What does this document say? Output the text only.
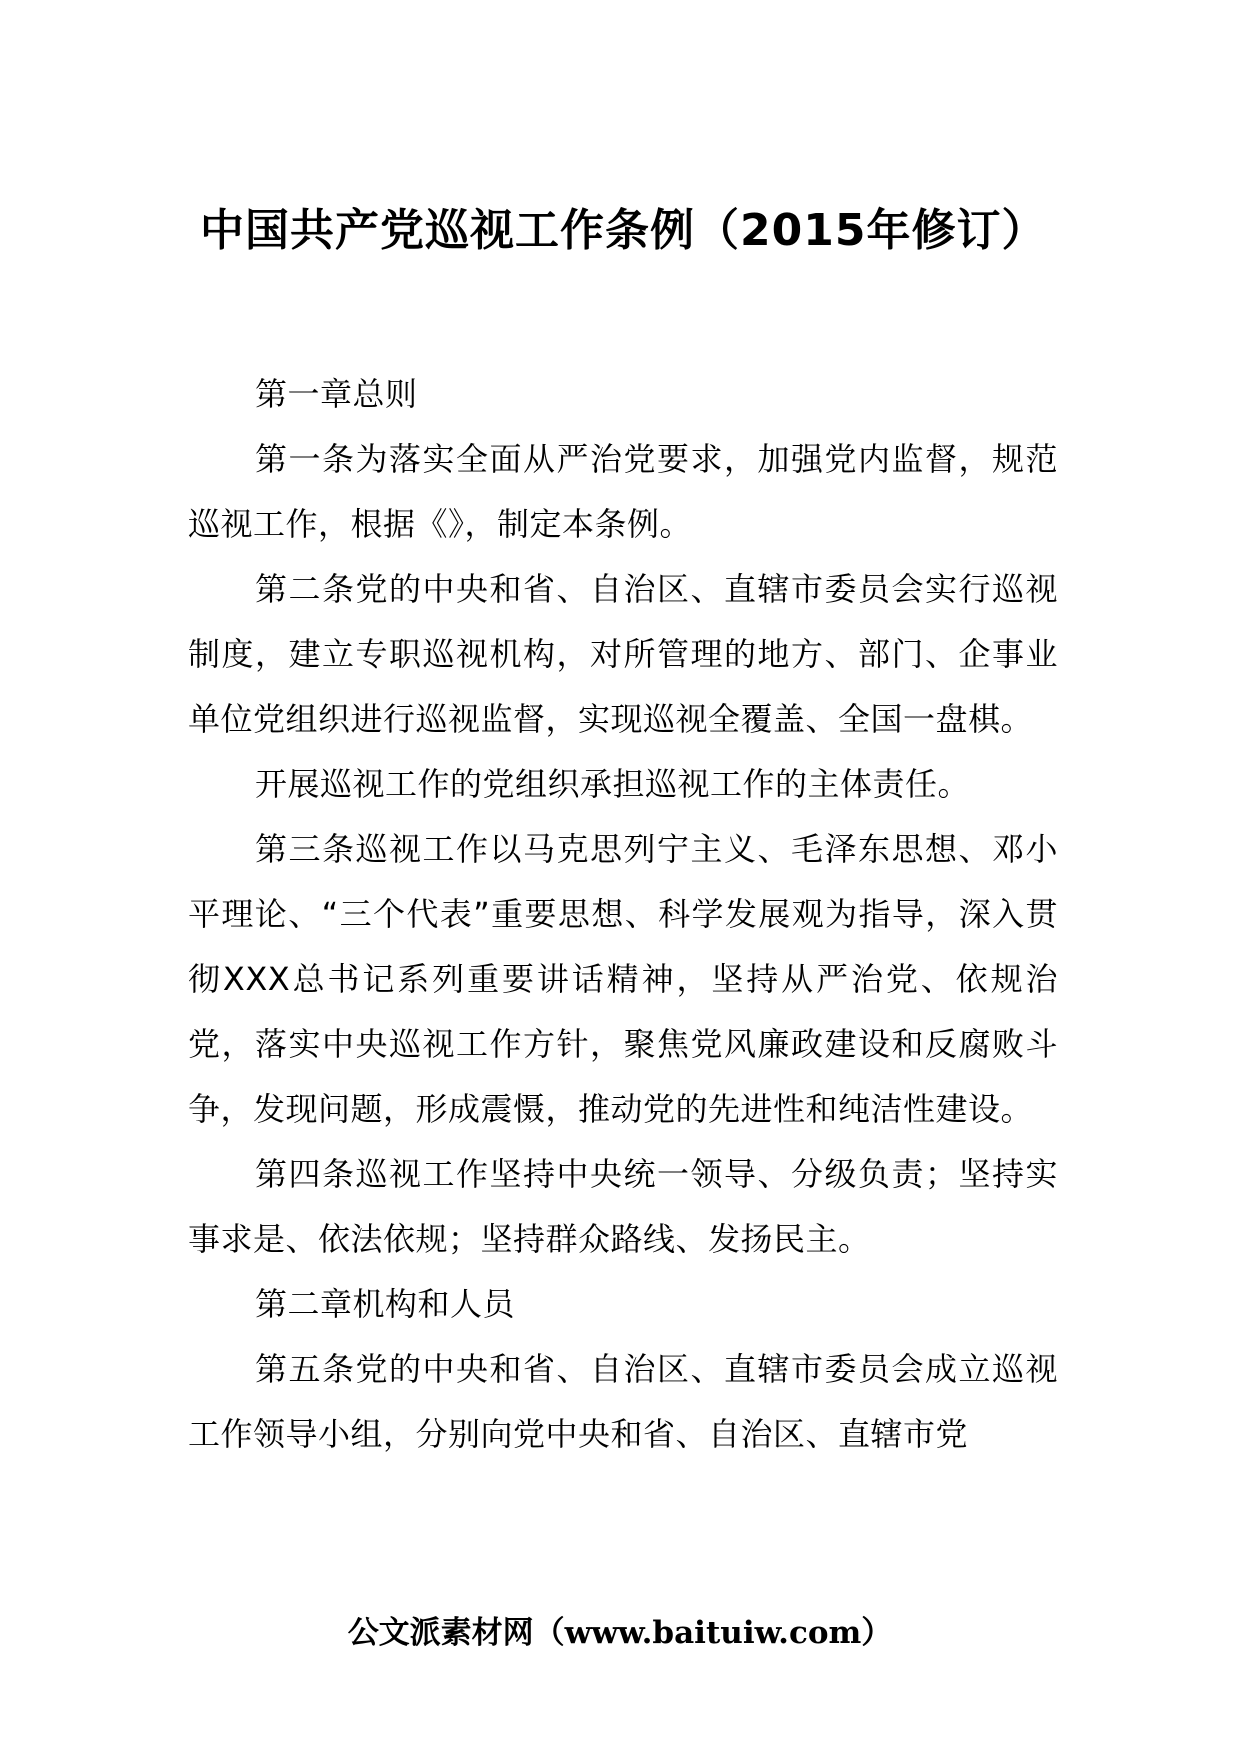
中国共产党巡视工作条例（2015年修订）

第一章总则

第一条为落实全面从严治党要求，加强党内监督，规范巡视工作，根据《》，制定本条例。

第二条党的中央和省、自治区、直辖市委员会实行巡视制度，建立专职巡视机构，对所管理的地方、部门、企事业单位党组织进行巡视监督，实现巡视全覆盖、全国一盘棋。

开展巡视工作的党组织承担巡视工作的主体责任。

第三条巡视工作以马克思列宁主义、毛泽东思想、邓小平理论、“三个代表”重要思想、科学发展观为指导，深入贯彻XXX总书记系列重要讲话精神，坚持从严治党、依规治党，落实中央巡视工作方针，聚焦党风廉政建设和反腐败斗争，发现问题，形成震慑，推动党的先进性和纯洁性建设。

第四条巡视工作坚持中央统一领导、分级负责；坚持实事求是、依法依规；坚持群众路线、发扬民主。

第二章机构和人员

第五条党的中央和省、自治区、直辖市委员会成立巡视工作领导小组，分别向党中央和省、自治区、直辖市党

公文派素材网（www.baituiw.com）
